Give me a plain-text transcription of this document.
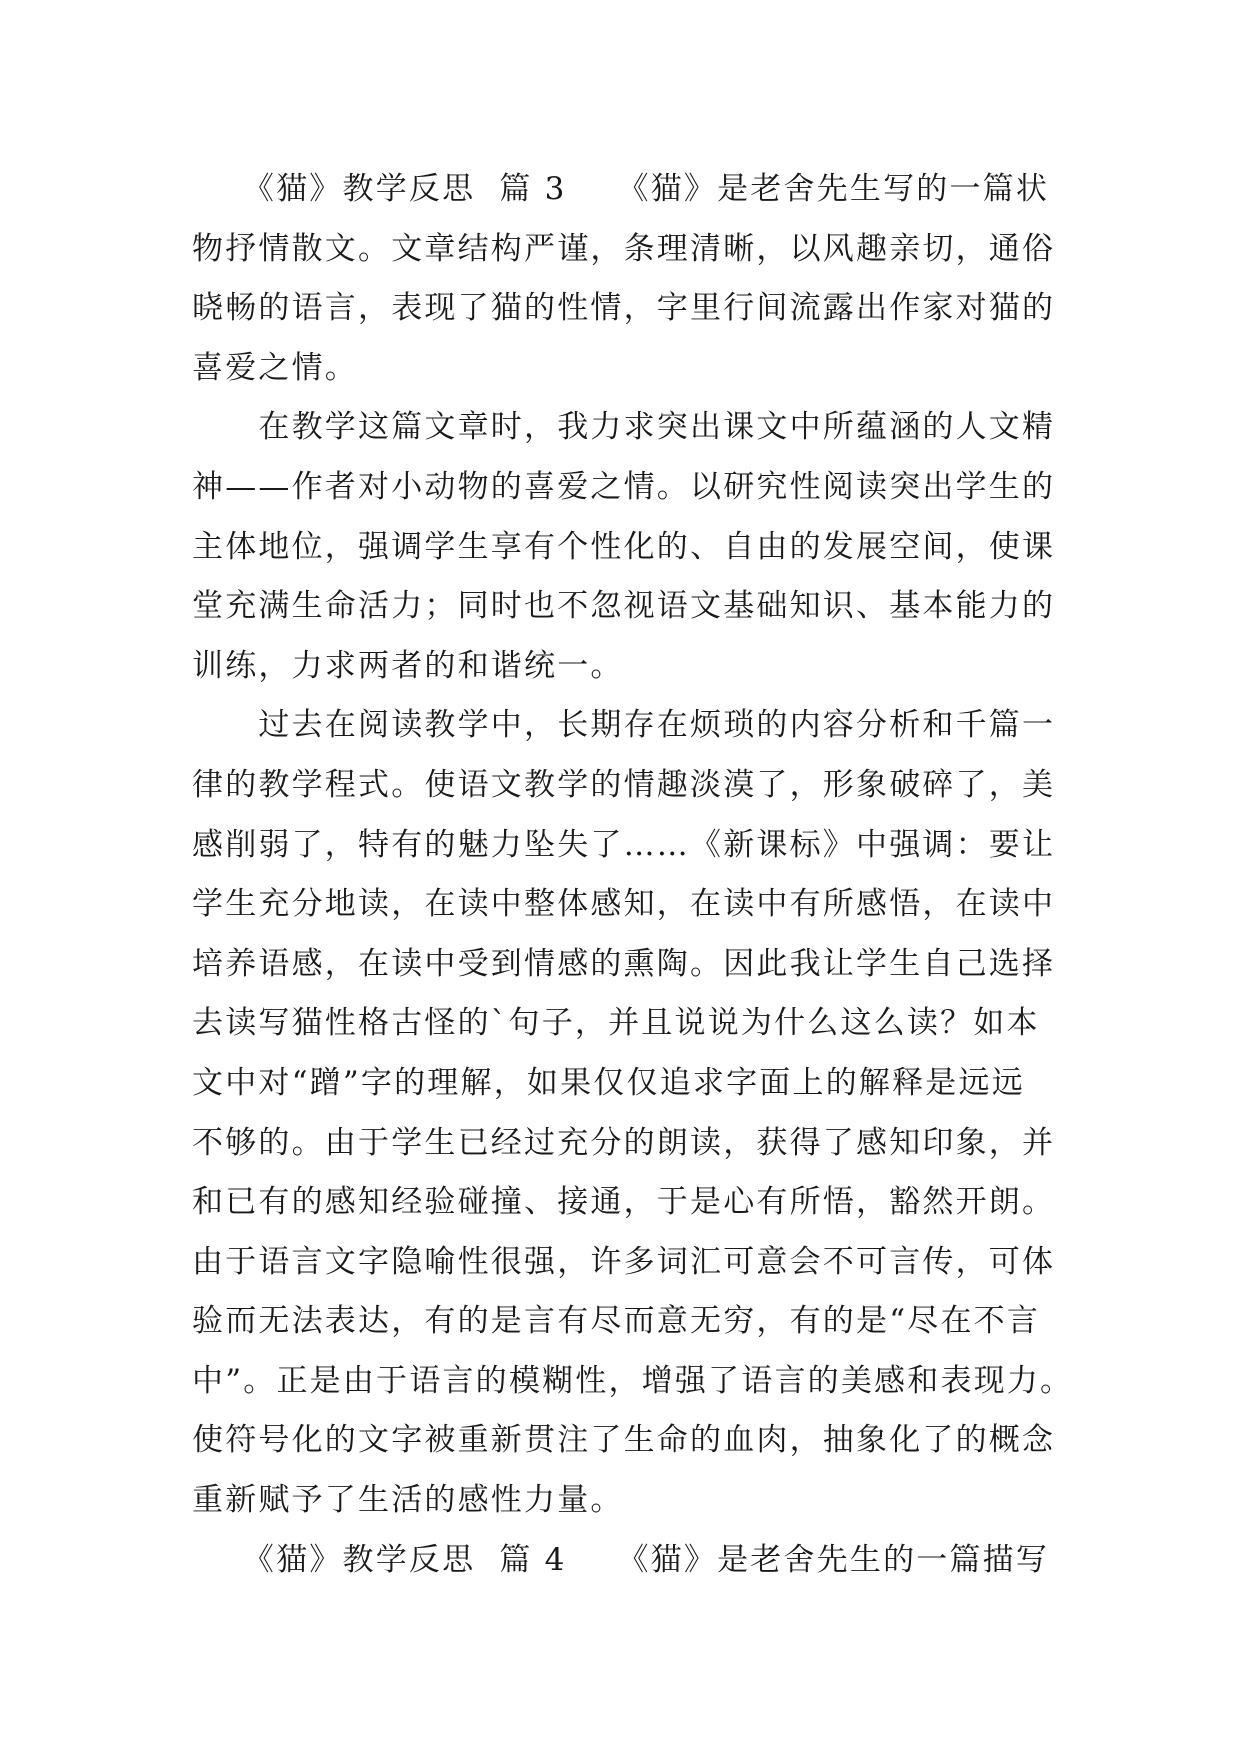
　　《猫》教学反思  篇 3　　《猫》是老舍先生写的一篇状
物抒情散文。文章结构严谨，条理清晰，以风趣亲切，通俗
晓畅的语言，表现了猫的性情，字里行间流露出作家对猫的
喜爱之情。
　　在教学这篇文章时，我力求突出课文中所蕴涵的人文精
神——作者对小动物的喜爱之情。以研究性阅读突出学生的
主体地位，强调学生享有个性化的、自由的发展空间，使课
堂充满生命活力；同时也不忽视语文基础知识、基本能力的
训练，力求两者的和谐统一。
　　过去在阅读教学中，长期存在烦琐的内容分析和千篇一
律的教学程式。使语文教学的情趣淡漠了，形象破碎了，美
感削弱了，特有的魅力坠失了……《新课标》中强调：要让
学生充分地读，在读中整体感知，在读中有所感悟，在读中
培养语感，在读中受到情感的熏陶。因此我让学生自己选择
去读写猫性格古怪的`句子，并且说说为什么这么读？如本
文中对“蹭”字的理解，如果仅仅追求字面上的解释是远远
不够的。由于学生已经过充分的朗读，获得了感知印象，并
和已有的感知经验碰撞、接通，于是心有所悟，豁然开朗。
由于语言文字隐喻性很强，许多词汇可意会不可言传，可体
验而无法表达，有的是言有尽而意无穷，有的是“尽在不言
中”。正是由于语言的模糊性，增强了语言的美感和表现力。
使符号化的文字被重新贯注了生命的血肉，抽象化了的概念
重新赋予了生活的感性力量。
　　《猫》教学反思  篇 4　　《猫》是老舍先生的一篇描写
